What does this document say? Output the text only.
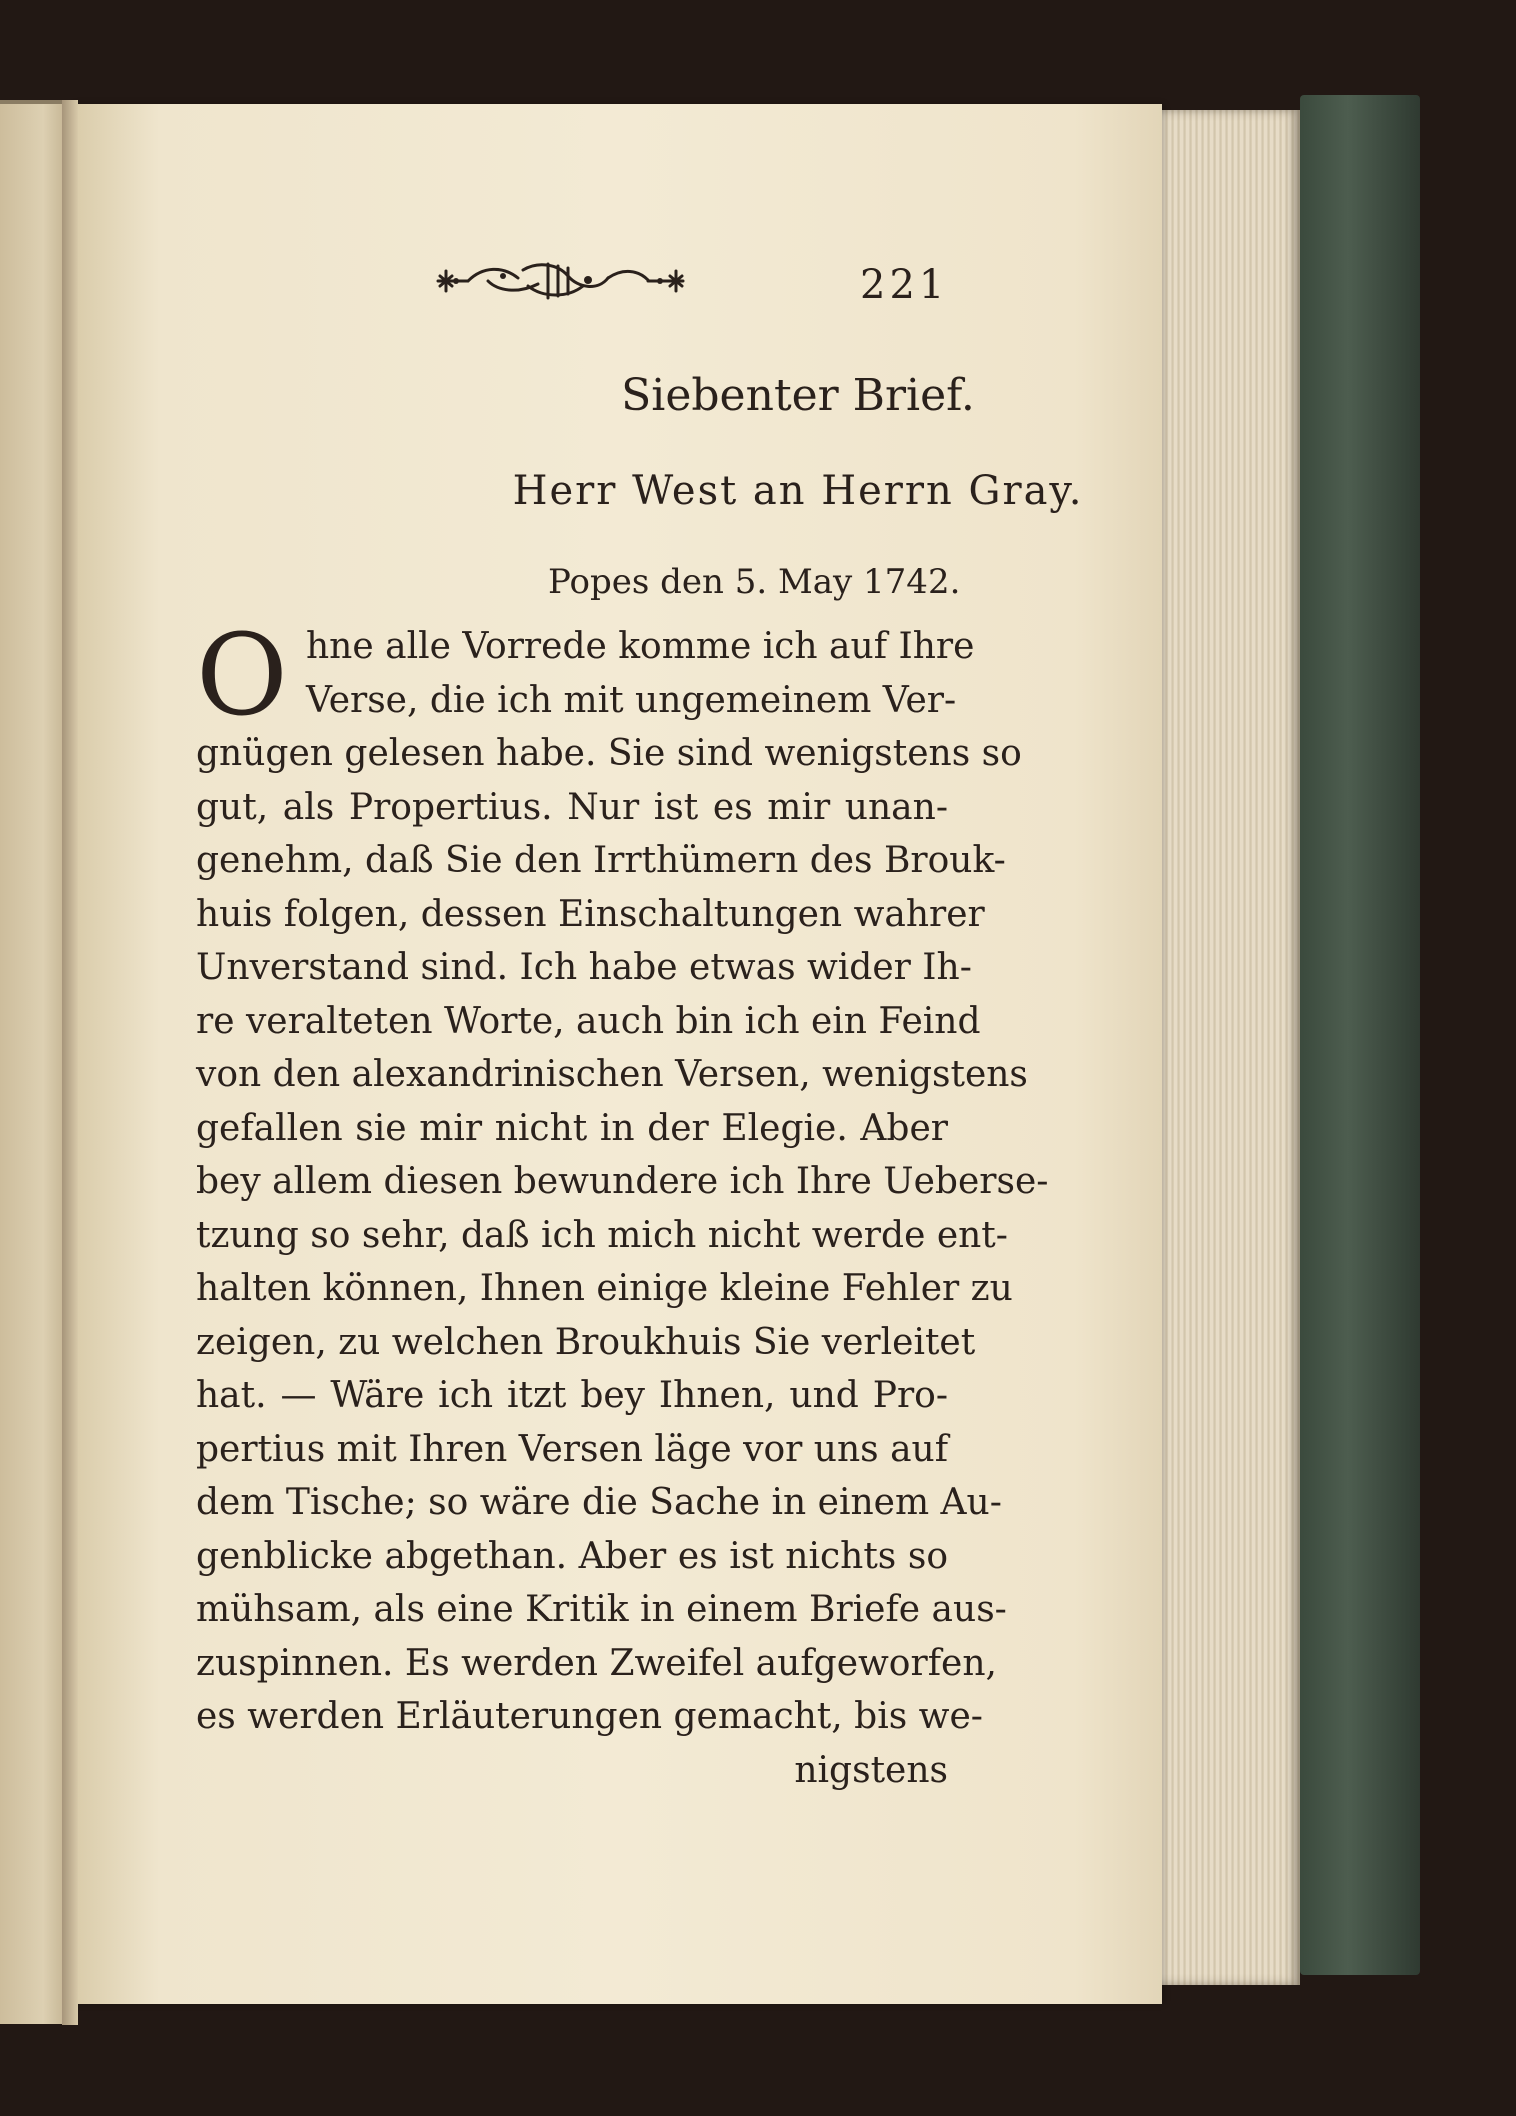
221
Siebenter Brief.
Herr West an Herrn Gray.
Popes den 5. May 1742.
O hne alle Vorrede komme ich auf Ihre
Verse, die ich mit ungemeinem Ver-
gnügen gelesen habe. Sie sind wenigstens so
gut, als Propertius. Nur ist es mir unan-
genehm, daß Sie den Irrthümern des Brouk-
huis folgen, dessen Einschaltungen wahrer
Unverstand sind. Ich habe etwas wider Ih-
re veralteten Worte, auch bin ich ein Feind
von den alexandrinischen Versen, wenigstens
gefallen sie mir nicht in der Elegie. Aber
bey allem diesen bewundere ich Ihre Ueberse-
tzung so sehr, daß ich mich nicht werde ent-
halten können, Ihnen einige kleine Fehler zu
zeigen, zu welchen Broukhuis Sie verleitet
hat. — Wäre ich itzt bey Ihnen, und Pro-
pertius mit Ihren Versen läge vor uns auf
dem Tische; so wäre die Sache in einem Au-
genblicke abgethan. Aber es ist nichts so
mühsam, als eine Kritik in einem Briefe aus-
zuspinnen. Es werden Zweifel aufgeworfen,
es werden Erläuterungen gemacht, bis we-
nigstens
